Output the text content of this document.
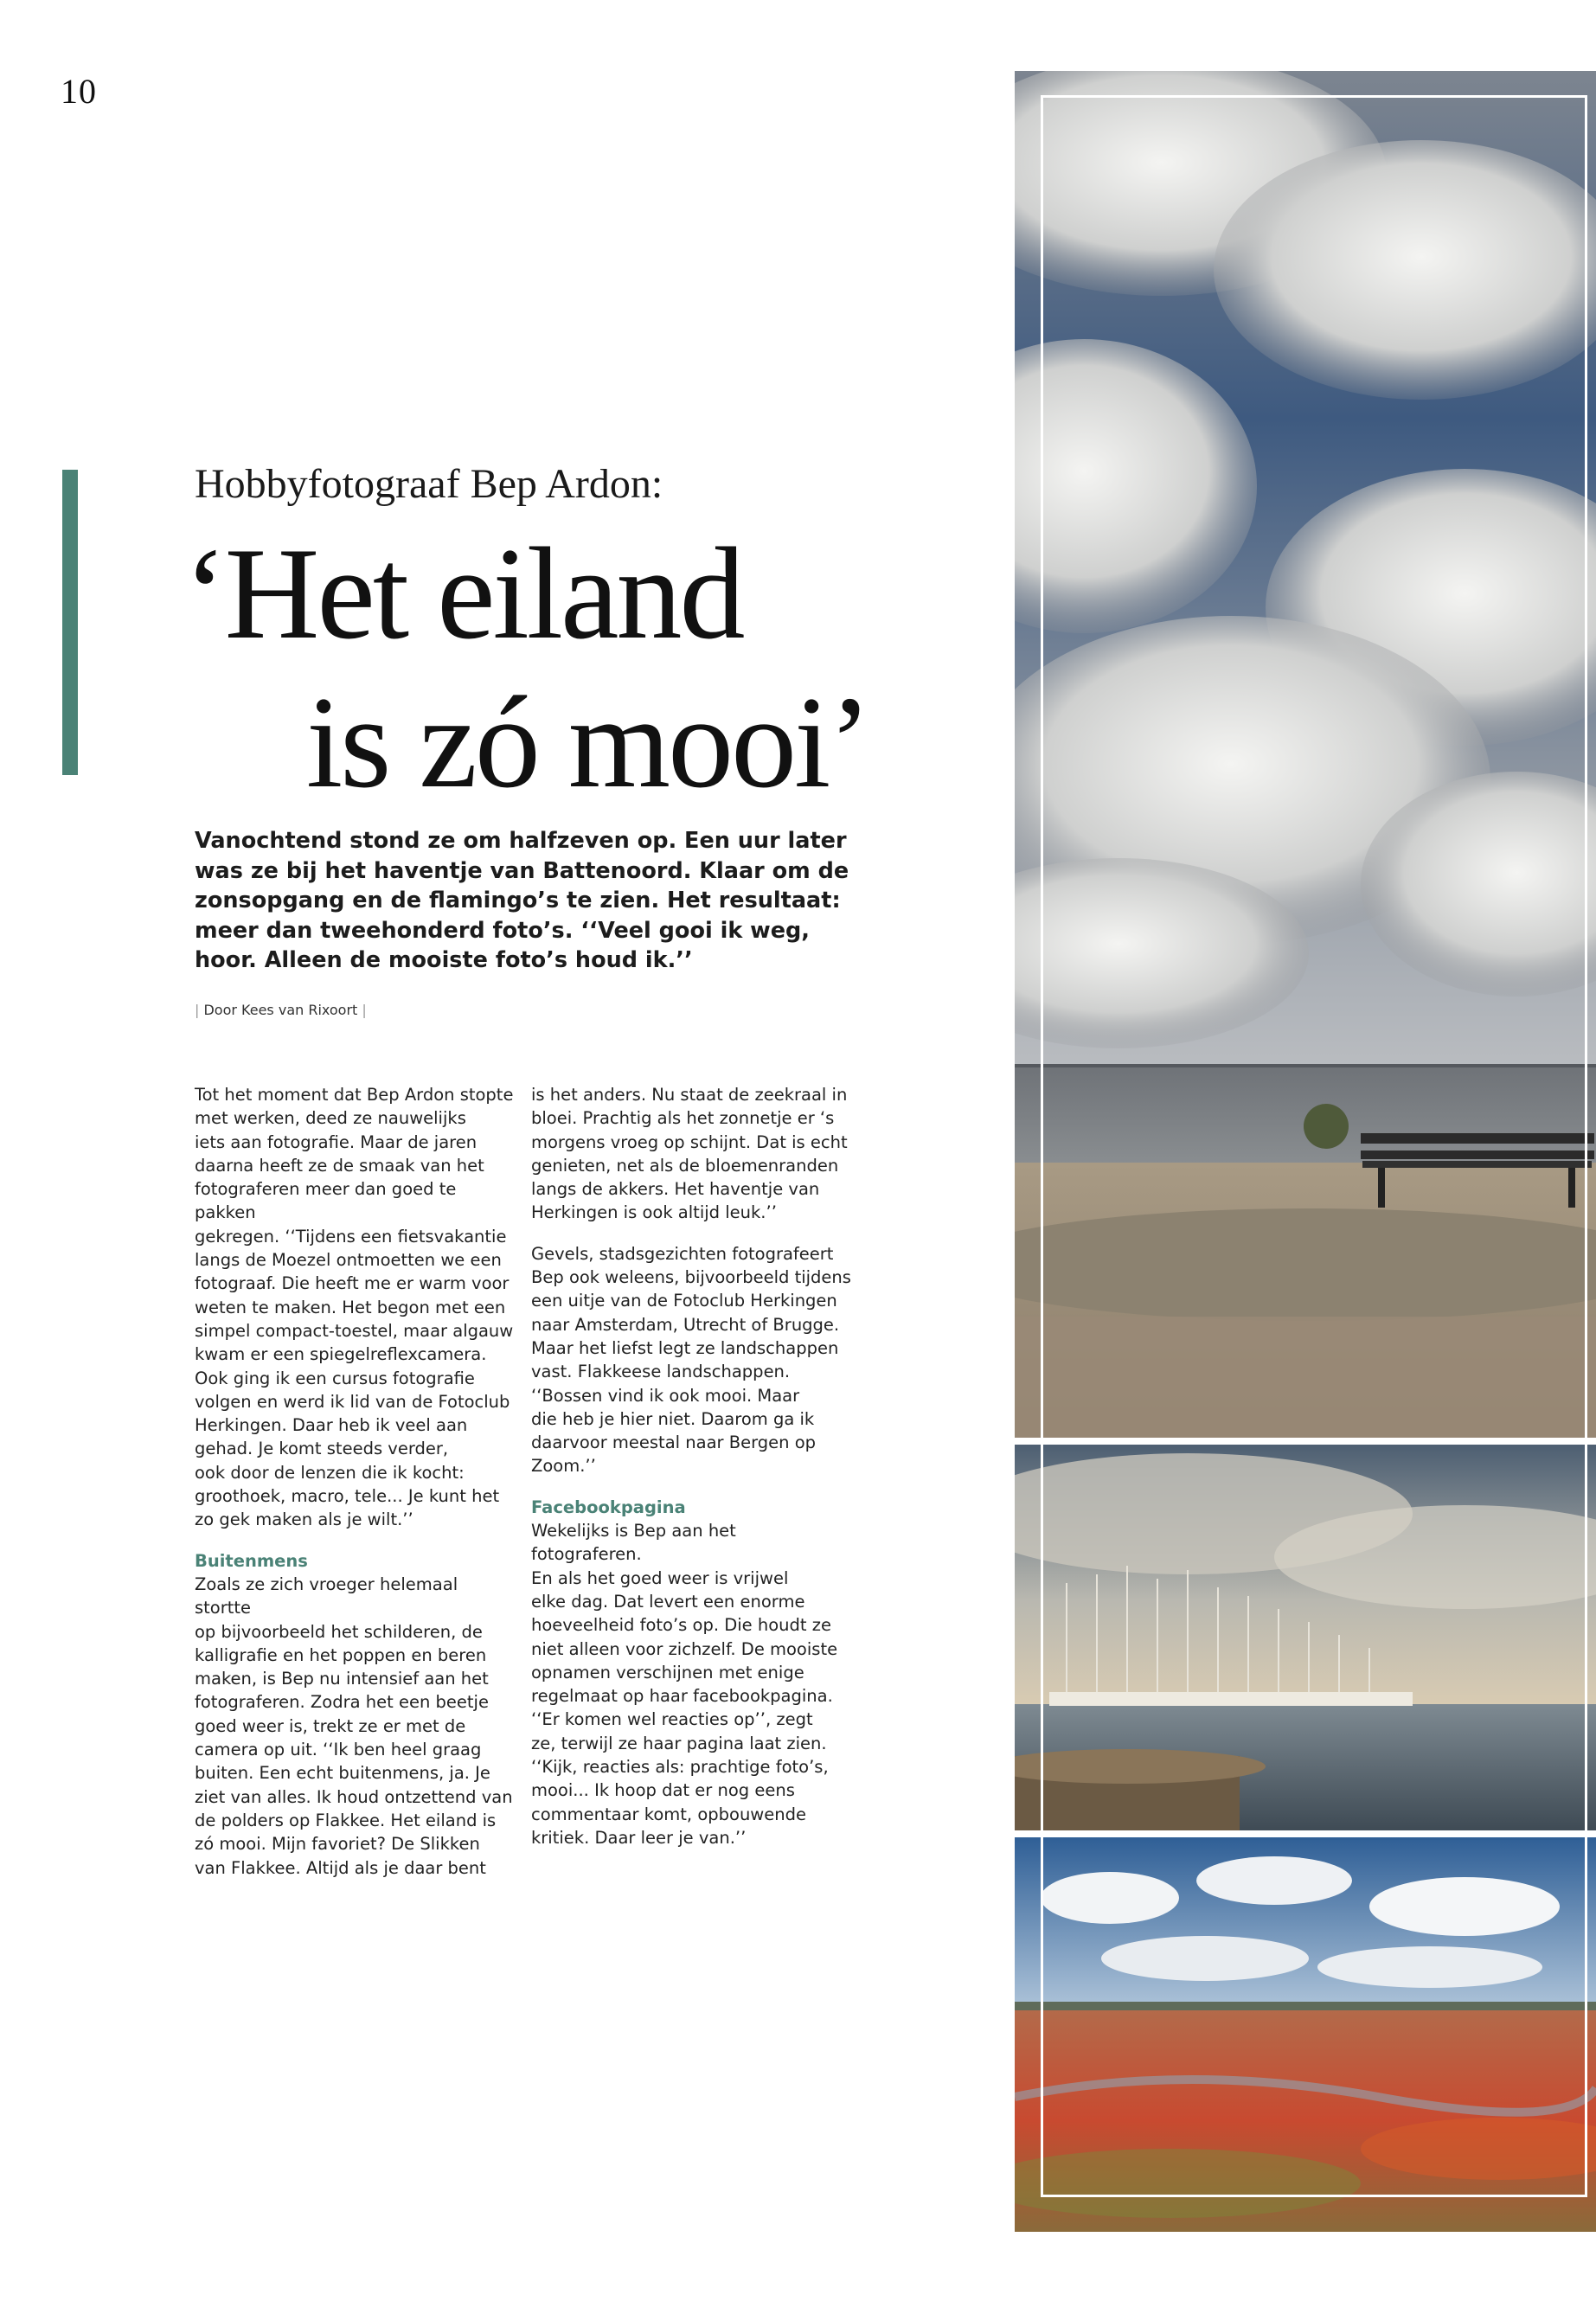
10
Hobbyfotograaf Bep Ardon:
‘Het eiland
is zó mooi’

Vanochtend stond ze om halfzeven op. Een uur later was ze bij het haventje van Battenoord. Klaar om de zonsopgang en de flamingo’s te zien. Het resultaat: meer dan tweehonderd foto’s. ‘‘Veel gooi ik weg, hoor. Alleen de mooiste foto’s houd ik.’’

| Door Kees van Rixoort |

Tot het moment dat Bep Ardon stopte
met werken, deed ze nauwelijks
iets aan fotografie. Maar de jaren
daarna heeft ze de smaak van het
fotograferen meer dan goed te pakken
gekregen. ‘‘Tijdens een fietsvakantie
langs de Moezel ontmoetten we een
fotograaf. Die heeft me er warm voor
weten te maken. Het begon met een
simpel compact-toestel, maar algauw
kwam er een spiegelreflexcamera.
Ook ging ik een cursus fotografie
volgen en werd ik lid van de Fotoclub
Herkingen. Daar heb ik veel aan
gehad. Je komt steeds verder,
ook door de lenzen die ik kocht:
groothoek, macro, tele... Je kunt het
zo gek maken als je wilt.’’

Buitenmens

Zoals ze zich vroeger helemaal stortte
op bijvoorbeeld het schilderen, de
kalligrafie en het poppen en beren
maken, is Bep nu intensief aan het
fotograferen. Zodra het een beetje
goed weer is, trekt ze er met de
camera op uit. ‘‘Ik ben heel graag
buiten. Een echt buitenmens, ja. Je
ziet van alles. Ik houd ontzettend van
de polders op Flakkee. Het eiland is
zó mooi. Mijn favoriet? De Slikken
van Flakkee. Altijd als je daar bent

is het anders. Nu staat de zeekraal in
bloei. Prachtig als het zonnetje er ‘s
morgens vroeg op schijnt. Dat is echt
genieten, net als de bloemenranden
langs de akkers. Het haventje van
Herkingen is ook altijd leuk.’’

Gevels, stadsgezichten fotografeert
Bep ook weleens, bijvoorbeeld tijdens
een uitje van de Fotoclub Herkingen
naar Amsterdam, Utrecht of Brugge.
Maar het liefst legt ze landschappen
vast. Flakkeese landschappen.
‘‘Bossen vind ik ook mooi. Maar
die heb je hier niet. Daarom ga ik
daarvoor meestal naar Bergen op
Zoom.’’

Facebookpagina

Wekelijks is Bep aan het fotograferen.
En als het goed weer is vrijwel
elke dag. Dat levert een enorme
hoeveelheid foto’s op. Die houdt ze
niet alleen voor zichzelf. De mooiste
opnamen verschijnen met enige
regelmaat op haar facebookpagina.
‘‘Er komen wel reacties op’’, zegt
ze, terwijl ze haar pagina laat zien.
‘‘Kijk, reacties als: prachtige foto’s,
mooi... Ik hoop dat er nog eens
commentaar komt, opbouwende
kritiek. Daar leer je van.’’
